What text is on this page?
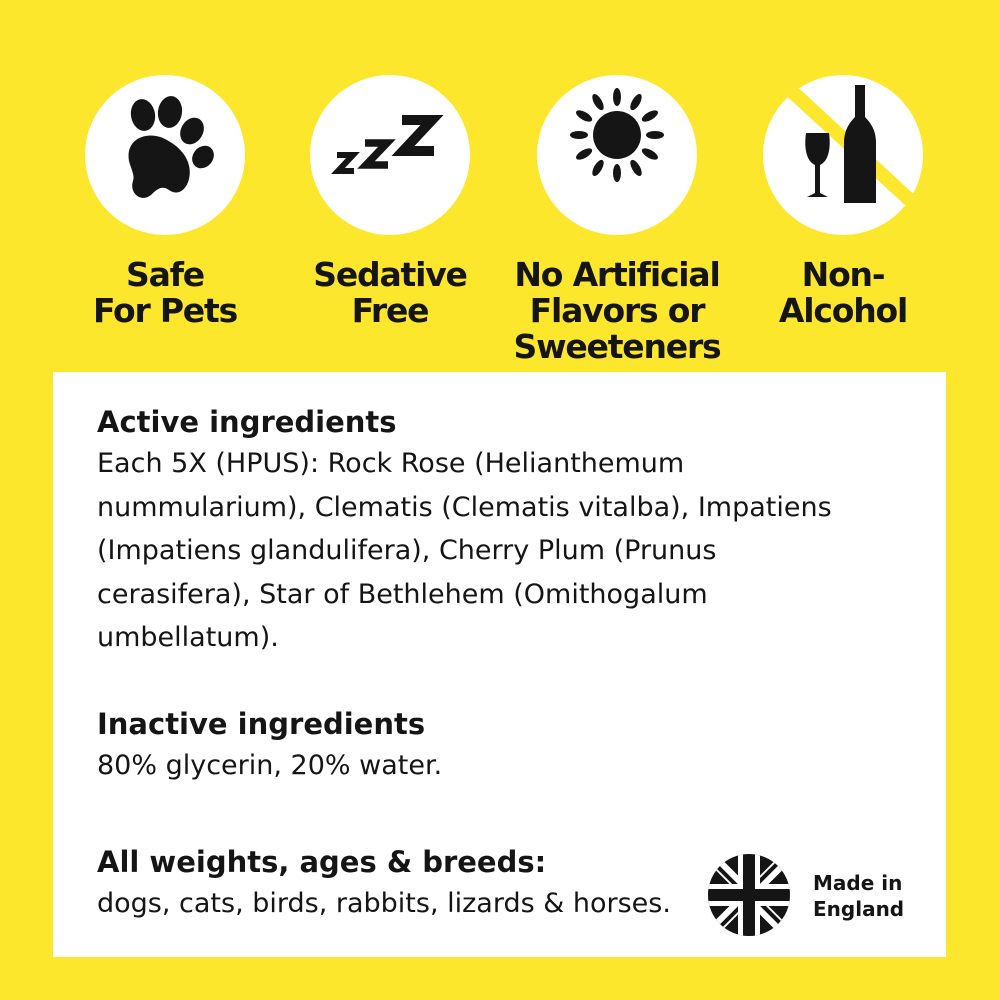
Safe
For Pets
Sedative
Free
No Artificial
Flavors or
Sweeteners
Non-
Alcohol
Active ingredients

Each 5X (HPUS): Rock Rose (Helianthemum nummularium), Clematis (Clematis vitalba), Impatiens (Impatiens glandulifera), Cherry Plum (Prunus cerasifera), Star of Bethlehem (Omithogalum umbellatum).

Inactive ingredients

80% glycerin, 20% water.

All weights, ages & breeds:

dogs, cats, birds, rabbits, lizards & horses.

Made in
England
